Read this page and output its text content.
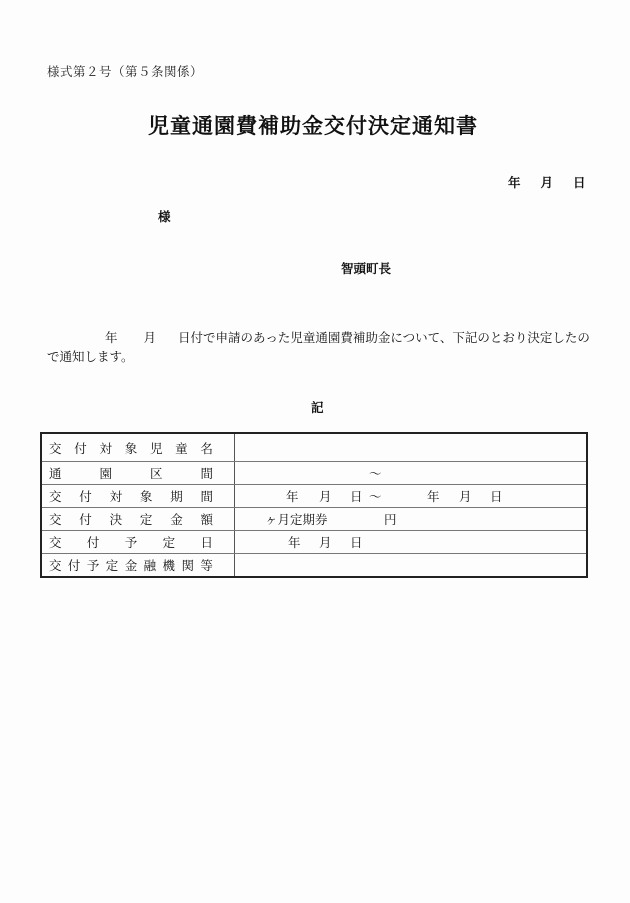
様式第２号（第５条関係）
児童通園費補助金交付決定通知書
年 月 日
様
智頭町長
年 月 日付で申請のあった児童通園費補助金について、下記のとおり決定したので通知します。
記
交 付 対 象 児 童 名

通 園 区 間	～

交 付 対 象 期 間	年 月 日 ～	年 月 日

交 付 決 定 金 額	ヶ月定期券	円

交 付 予 定 日	年 月 日

交 付 予 定 金 融 機 関 等
